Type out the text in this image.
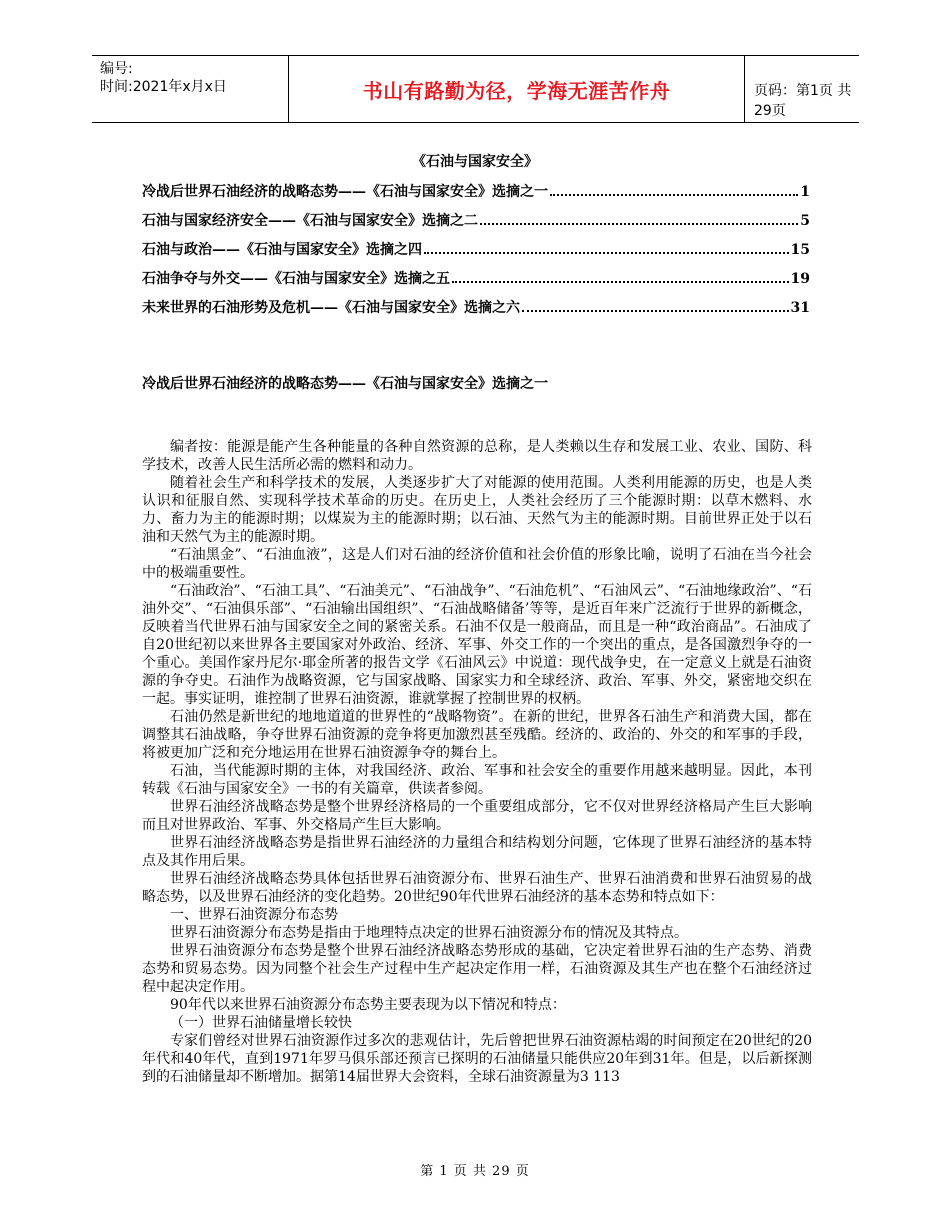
编号:
时间:2021年x月x日	书山有路勤为径，学海无涯苦作舟	页码：第1页 共29页
《石油与国家安全》
冷战后世界石油经济的战略态势——《石油与国家安全》选摘之一	1
石油与国家经济安全——《石油与国家安全》选摘之二	5
石油与政治——《石油与国家安全》选摘之四	15
石油争夺与外交——《石油与国家安全》选摘之五	19
未来世界的石油形势及危机——《石油与国家安全》选摘之六	31
冷战后世界石油经济的战略态势——《石油与国家安全》选摘之一

编者按：能源是能产生各种能量的各种自然资源的总称，是人类赖以生存和发展工业、农业、国防、科学技术，改善人民生活所必需的燃料和动力。

随着社会生产和科学技术的发展，人类逐步扩大了对能源的使用范围。人类利用能源的历史，也是人类认识和征服自然、实现科学技术革命的历史。在历史上，人类社会经历了三个能源时期：以草木燃料、水力、畜力为主的能源时期；以煤炭为主的能源时期；以石油、天然气为主的能源时期。目前世界正处于以石油和天然气为主的能源时期。

“石油黑金”、“石油血液”，这是人们对石油的经济价值和社会价值的形象比喻，说明了石油在当今社会中的极端重要性。

“石油政治”、“石油工具”、“石油美元”、“石油战争”、“石油危机”、“石油风云”、“石油地缘政治”、“石油外交”、“石油俱乐部”、“石油输出国组织”、“石油战略储备’等等，是近百年来广泛流行于世界的新概念，反映着当代世界石油与国家安全之间的紧密关系。石油不仅是一般商品，而且是一种“政治商品”。石油成了自20世纪初以来世界各主要国家对外政治、经济、军事、外交工作的一个突出的重点，是各国激烈争夺的一个重心。美国作家丹尼尔·耶金所著的报告文学《石油风云》中说道：现代战争史，在一定意义上就是石油资源的争夺史。石油作为战略资源，它与国家战略、国家实力和全球经济、政治、军事、外交，紧密地交织在一起。事实证明，谁控制了世界石油资源，谁就掌握了控制世界的权柄。

石油仍然是新世纪的地地道道的世界性的“战略物资”。在新的世纪，世界各石油生产和消费大国，都在调整其石油战略，争夺世界石油资源的竞争将更加激烈甚至残酷。经济的、政治的、外交的和军事的手段，将被更加广泛和充分地运用在世界石油资源争夺的舞台上。

石油，当代能源时期的主体，对我国经济、政治、军事和社会安全的重要作用越来越明显。因此，本刊转载《石油与国家安全》一书的有关篇章，供读者参阅。

世界石油经济战略态势是整个世界经济格局的一个重要组成部分，它不仅对世界经济格局产生巨大影响而且对世界政治、军事、外交格局产生巨大影响。

世界石油经济战略态势是指世界石油经济的力量组合和结构划分问题，它体现了世界石油经济的基本特点及其作用后果。

世界石油经济战略态势具体包括世界石油资源分布、世界石油生产、世界石油消费和世界石油贸易的战略态势，以及世界石油经济的变化趋势。20世纪90年代世界石油经济的基本态势和特点如下：

一、世界石油资源分布态势

世界石油资源分布态势是指由于地理特点决定的世界石油资源分布的情况及其特点。

世界石油资源分布态势是整个世界石油经济战略态势形成的基础，它决定着世界石油的生产态势、消费态势和贸易态势。因为同整个社会生产过程中生产起决定作用一样，石油资源及其生产也在整个石油经济过程中起决定作用。

90年代以来世界石油资源分布态势主要表现为以下情况和特点：

（一）世界石油储量增长较快

专家们曾经对世界石油资源作过多次的悲观估计，先后曾把世界石油资源枯竭的时间预定在20世纪的20年代和40年代，直到1971年罗马俱乐部还预言已探明的石油储量只能供应20年到31年。但是，以后新探测到的石油储量却不断增加。据第14届世界大会资料，全球石油资源量为3 113

第 1 页 共 29 页
